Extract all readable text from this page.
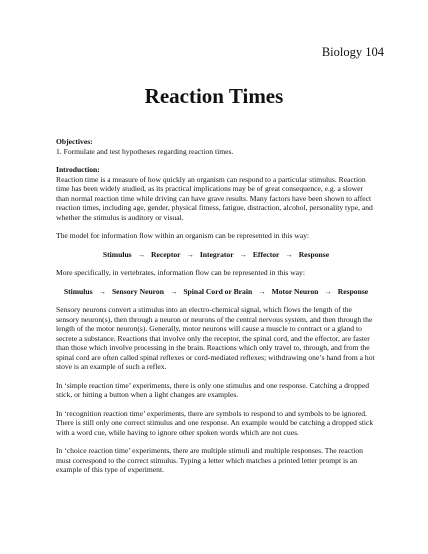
Biology 104
Reaction Times

Objectives:

1. Formulate and test hypotheses regarding reaction times.

Introduction:

Reaction time is a measure of how quickly an organism can respond to a particular stimulus. Reaction time has been widely studied, as its practical implications may be of great consequence, e.g. a slower than normal reaction time while driving can have grave results. Many factors have been shown to affect reaction times, including age, gender, physical fitness, fatigue, distraction, alcohol, personality type, and whether the stimulus is auditory or visual.

The model for information flow within an organism can be represented in this way:

Stimulus → Receptor → Integrator → Effector → Response

More specifically, in vertebrates, information flow can be represented in this way:

Stimulus → Sensory Neuron → Spinal Cord or Brain → Motor Neuron → Response

Sensory neurons convert a stimulus into an electro-chemical signal, which flows the length of the sensory neuron(s), then through a neuron or neurons of the central nervous system, and then through the length of the motor neuron(s). Generally, motor neurons will cause a muscle to contract or a gland to secrete a substance. Reactions that involve only the receptor, the spinal cord, and the effector, are faster than those which involve processing in the brain. Reactions which only travel to, through, and from the spinal cord are often called spinal reflexes or cord-mediated reflexes; withdrawing one’s hand from a hot stove is an example of such a reflex.

In ‘simple reaction time’ experiments, there is only one stimulus and one response. Catching a dropped stick, or hitting a button when a light changes are examples.

In ‘recognition reaction time’ experiments, there are symbols to respond to and symbols to be ignored. There is still only one correct stimulus and one response. An example would be catching a dropped stick with a word cue, while having to ignore other spoken words which are not cues.

In ‘choice reaction time’ experiments, there are multiple stimuli and multiple responses. The reaction must correspond to the correct stimulus. Typing a letter which matches a printed letter prompt is an example of this type of experiment.
